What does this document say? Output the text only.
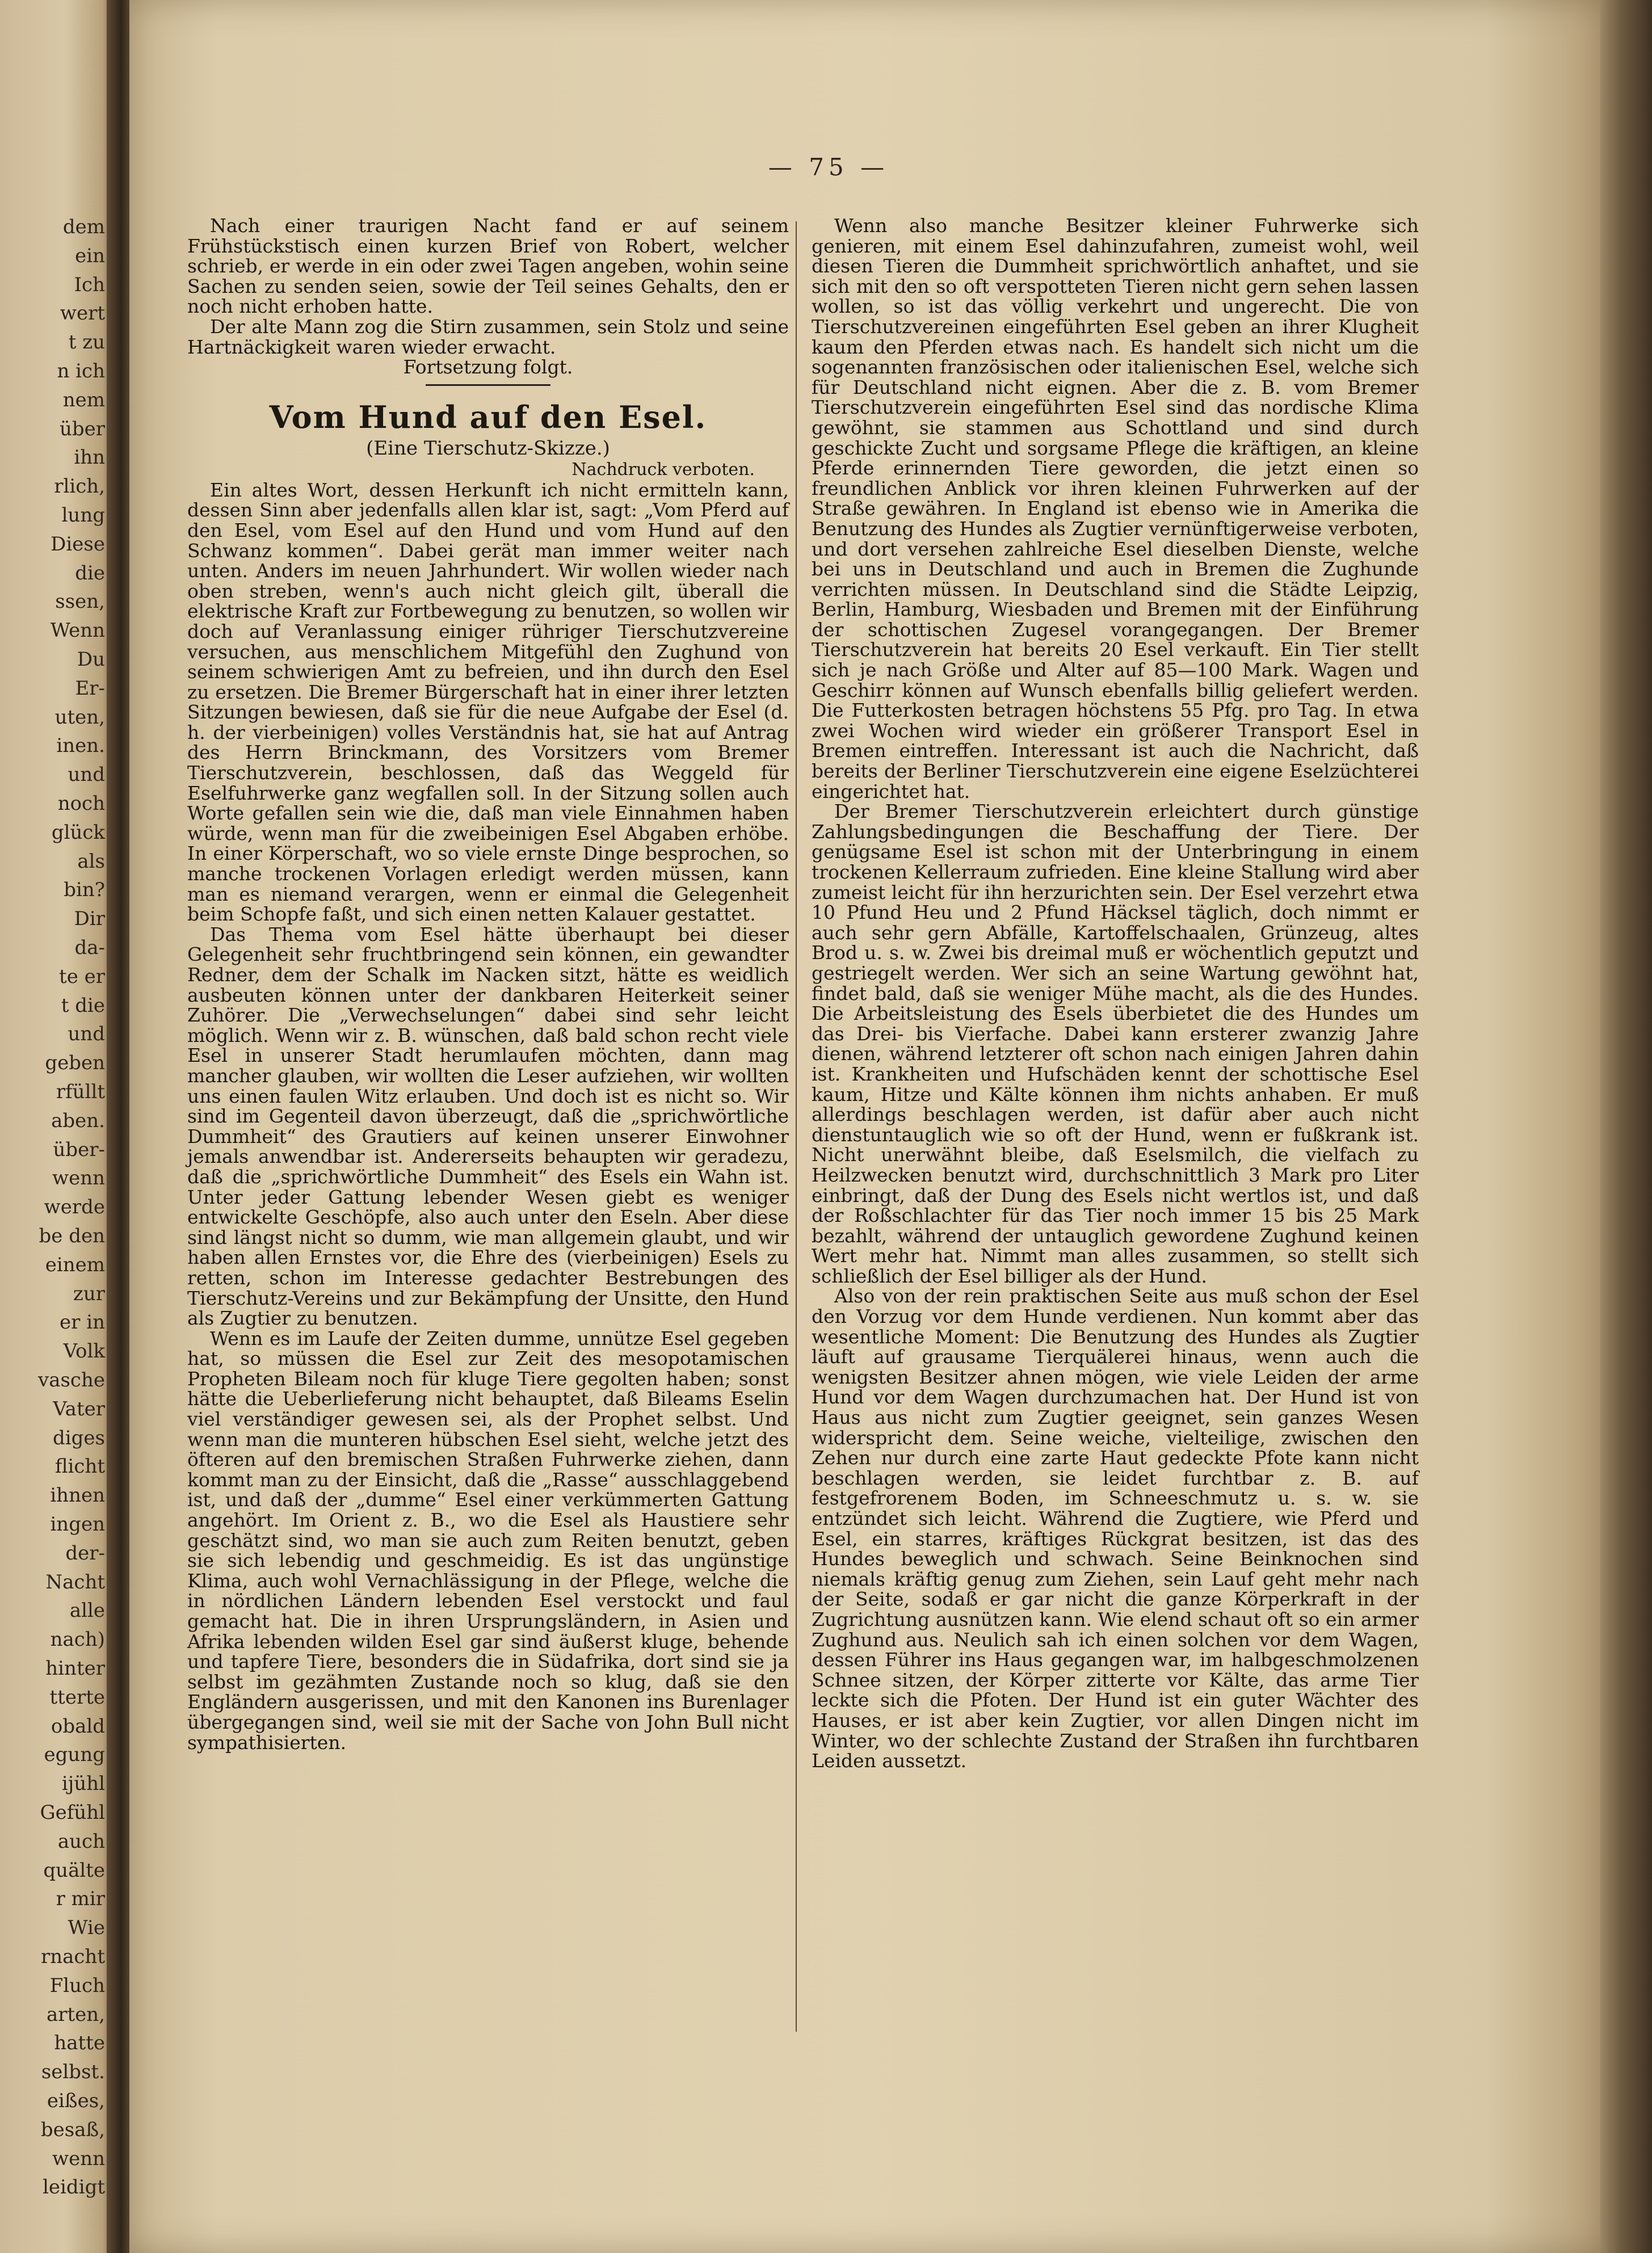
dem
ein
Ich
wert
t zu
n ich
nem
über
ihn
rlich,
lung
Diese
die
ssen,
Wenn
Du
Er-
uten,
inen.
und
noch
glück
als
bin?
Dir
da-
te er
t die
und
geben
rfüllt
aben.
über-
wenn
werde
be den
einem
zur
er in
Volk
vasche
Vater
diges
flicht
ihnen
ingen
der-
Nacht
alle
nach)
hinter
tterte
obald
egung
ijühl
Gefühl
auch
quälte
r mir
Wie
rnacht
Fluch
arten,
hatte
selbst.
eißes,
besaß,
wenn
leidigt
— 75 —

Nach einer traurigen Nacht fand er auf seinem Frühstückstisch einen kurzen Brief von Robert, welcher schrieb, er werde in ein oder zwei Tagen angeben, wohin seine Sachen zu senden seien, sowie der Teil seines Gehalts, den er noch nicht erhoben hatte.

Der alte Mann zog die Stirn zusammen, sein Stolz und seine Hartnäckigkeit waren wieder erwacht.

Fortsetzung folgt.

Vom Hund auf den Esel.
(Eine Tierschutz-Skizze.)
Nachdruck verboten.

Ein altes Wort, dessen Herkunft ich nicht ermitteln kann, dessen Sinn aber jedenfalls allen klar ist, sagt: „Vom Pferd auf den Esel, vom Esel auf den Hund und vom Hund auf den Schwanz kommen“. Dabei gerät man immer weiter nach unten. Anders im neuen Jahrhundert. Wir wollen wieder nach oben streben, wenn's auch nicht gleich gilt, überall die elektrische Kraft zur Fortbewegung zu benutzen, so wollen wir doch auf Veranlassung einiger rühriger Tierschutzvereine versuchen, aus menschlichem Mitgefühl den Zughund von seinem schwierigen Amt zu befreien, und ihn durch den Esel zu ersetzen. Die Bremer Bürgerschaft hat in einer ihrer letzten Sitzungen bewiesen, daß sie für die neue Aufgabe der Esel (d. h. der vierbeinigen) volles Verständnis hat, sie hat auf Antrag des Herrn Brinckmann, des Vorsitzers vom Bremer Tierschutzverein, beschlossen, daß das Weggeld für Eselfuhrwerke ganz wegfallen soll. In der Sitzung sollen auch Worte gefallen sein wie die, daß man viele Einnahmen haben würde, wenn man für die zweibeinigen Esel Abgaben erhöbe. In einer Körperschaft, wo so viele ernste Dinge besprochen, so manche trockenen Vorlagen erledigt werden müssen, kann man es niemand verargen, wenn er einmal die Gelegenheit beim Schopfe faßt, und sich einen netten Kalauer gestattet.

Das Thema vom Esel hätte überhaupt bei dieser Gelegenheit sehr fruchtbringend sein können, ein gewandter Redner, dem der Schalk im Nacken sitzt, hätte es weidlich ausbeuten können unter der dankbaren Heiterkeit seiner Zuhörer. Die „Verwechselungen“ dabei sind sehr leicht möglich. Wenn wir z. B. wünschen, daß bald schon recht viele Esel in unserer Stadt herumlaufen möchten, dann mag mancher glauben, wir wollten die Leser aufziehen, wir wollten uns einen faulen Witz erlauben. Und doch ist es nicht so. Wir sind im Gegenteil davon überzeugt, daß die „sprichwörtliche Dummheit“ des Grautiers auf keinen unserer Einwohner jemals anwendbar ist. Andererseits behaupten wir geradezu, daß die „sprichwörtliche Dummheit“ des Esels ein Wahn ist. Unter jeder Gattung lebender Wesen giebt es weniger entwickelte Geschöpfe, also auch unter den Eseln. Aber diese sind längst nicht so dumm, wie man allgemein glaubt, und wir haben allen Ernstes vor, die Ehre des (vierbeinigen) Esels zu retten, schon im Interesse gedachter Bestrebungen des Tierschutz-Vereins und zur Bekämpfung der Unsitte, den Hund als Zugtier zu benutzen.

Wenn es im Laufe der Zeiten dumme, unnütze Esel gegeben hat, so müssen die Esel zur Zeit des mesopotamischen Propheten Bileam noch für kluge Tiere gegolten haben; sonst hätte die Ueberlieferung nicht behauptet, daß Bileams Eselin viel verständiger gewesen sei, als der Prophet selbst. Und wenn man die munteren hübschen Esel sieht, welche jetzt des öfteren auf den bremischen Straßen Fuhrwerke ziehen, dann kommt man zu der Einsicht, daß die „Rasse“ ausschlaggebend ist, und daß der „dumme“ Esel einer verkümmerten Gattung angehört. Im Orient z. B., wo die Esel als Haustiere sehr geschätzt sind, wo man sie auch zum Reiten benutzt, geben sie sich lebendig und geschmeidig. Es ist das ungünstige Klima, auch wohl Vernachlässigung in der Pflege, welche die in nördlichen Ländern lebenden Esel verstockt und faul gemacht hat. Die in ihren Ursprungsländern, in Asien und Afrika lebenden wilden Esel gar sind äußerst kluge, behende und tapfere Tiere, besonders die in Südafrika, dort sind sie ja selbst im gezähmten Zustande noch so klug, daß sie den Engländern ausgerissen, und mit den Kanonen ins Burenlager übergegangen sind, weil sie mit der Sache von John Bull nicht sympathisierten.

Wenn also manche Besitzer kleiner Fuhrwerke sich genieren, mit einem Esel dahinzufahren, zumeist wohl, weil diesen Tieren die Dummheit sprichwörtlich anhaftet, und sie sich mit den so oft verspotteten Tieren nicht gern sehen lassen wollen, so ist das völlig verkehrt und ungerecht. Die von Tierschutzvereinen eingeführten Esel geben an ihrer Klugheit kaum den Pferden etwas nach. Es handelt sich nicht um die sogenannten französischen oder italienischen Esel, welche sich für Deutschland nicht eignen. Aber die z. B. vom Bremer Tierschutzverein eingeführten Esel sind das nordische Klima gewöhnt, sie stammen aus Schottland und sind durch geschickte Zucht und sorgsame Pflege die kräftigen, an kleine Pferde erinnernden Tiere geworden, die jetzt einen so freundlichen Anblick vor ihren kleinen Fuhrwerken auf der Straße gewähren. In England ist ebenso wie in Amerika die Benutzung des Hundes als Zugtier vernünftigerweise verboten, und dort versehen zahlreiche Esel dieselben Dienste, welche bei uns in Deutschland und auch in Bremen die Zughunde verrichten müssen. In Deutschland sind die Städte Leipzig, Berlin, Hamburg, Wiesbaden und Bremen mit der Einführung der schottischen Zugesel vorangegangen. Der Bremer Tierschutzverein hat bereits 20 Esel verkauft. Ein Tier stellt sich je nach Größe und Alter auf 85—100 Mark. Wagen und Geschirr können auf Wunsch ebenfalls billig geliefert werden. Die Futterkosten betragen höchstens 55 Pfg. pro Tag. In etwa zwei Wochen wird wieder ein größerer Transport Esel in Bremen eintreffen. Interessant ist auch die Nachricht, daß bereits der Berliner Tierschutzverein eine eigene Eselzüchterei eingerichtet hat.

Der Bremer Tierschutzverein erleichtert durch günstige Zahlungsbedingungen die Beschaffung der Tiere. Der genügsame Esel ist schon mit der Unterbringung in einem trockenen Kellerraum zufrieden. Eine kleine Stallung wird aber zumeist leicht für ihn herzurichten sein. Der Esel verzehrt etwa 10 Pfund Heu und 2 Pfund Häcksel täglich, doch nimmt er auch sehr gern Abfälle, Kartoffelschaalen, Grünzeug, altes Brod u. s. w. Zwei bis dreimal muß er wöchentlich geputzt und gestriegelt werden. Wer sich an seine Wartung gewöhnt hat, findet bald, daß sie weniger Mühe macht, als die des Hundes. Die Arbeitsleistung des Esels überbietet die des Hundes um das Drei- bis Vierfache. Dabei kann ersterer zwanzig Jahre dienen, während letzterer oft schon nach einigen Jahren dahin ist. Krankheiten und Hufschäden kennt der schottische Esel kaum, Hitze und Kälte können ihm nichts anhaben. Er muß allerdings beschlagen werden, ist dafür aber auch nicht dienstuntauglich wie so oft der Hund, wenn er fußkrank ist. Nicht unerwähnt bleibe, daß Eselsmilch, die vielfach zu Heilzwecken benutzt wird, durchschnittlich 3 Mark pro Liter einbringt, daß der Dung des Esels nicht wertlos ist, und daß der Roßschlachter für das Tier noch immer 15 bis 25 Mark bezahlt, während der untauglich gewordene Zughund keinen Wert mehr hat. Nimmt man alles zusammen, so stellt sich schließlich der Esel billiger als der Hund.

Also von der rein praktischen Seite aus muß schon der Esel den Vorzug vor dem Hunde verdienen. Nun kommt aber das wesentliche Moment: Die Benutzung des Hundes als Zugtier läuft auf grausame Tierquälerei hinaus, wenn auch die wenigsten Besitzer ahnen mögen, wie viele Leiden der arme Hund vor dem Wagen durchzumachen hat. Der Hund ist von Haus aus nicht zum Zugtier geeignet, sein ganzes Wesen widerspricht dem. Seine weiche, vielteilige, zwischen den Zehen nur durch eine zarte Haut gedeckte Pfote kann nicht beschlagen werden, sie leidet furchtbar z. B. auf festgefrorenem Boden, im Schneeschmutz u. s. w. sie entzündet sich leicht. Während die Zugtiere, wie Pferd und Esel, ein starres, kräftiges Rückgrat besitzen, ist das des Hundes beweglich und schwach. Seine Beinknochen sind niemals kräftig genug zum Ziehen, sein Lauf geht mehr nach der Seite, sodaß er gar nicht die ganze Körperkraft in der Zugrichtung ausnützen kann. Wie elend schaut oft so ein armer Zughund aus. Neulich sah ich einen solchen vor dem Wagen, dessen Führer ins Haus gegangen war, im halbgeschmolzenen Schnee sitzen, der Körper zitterte vor Kälte, das arme Tier leckte sich die Pfoten. Der Hund ist ein guter Wächter des Hauses, er ist aber kein Zugtier, vor allen Dingen nicht im Winter, wo der schlechte Zustand der Straßen ihn furchtbaren Leiden aussetzt.
